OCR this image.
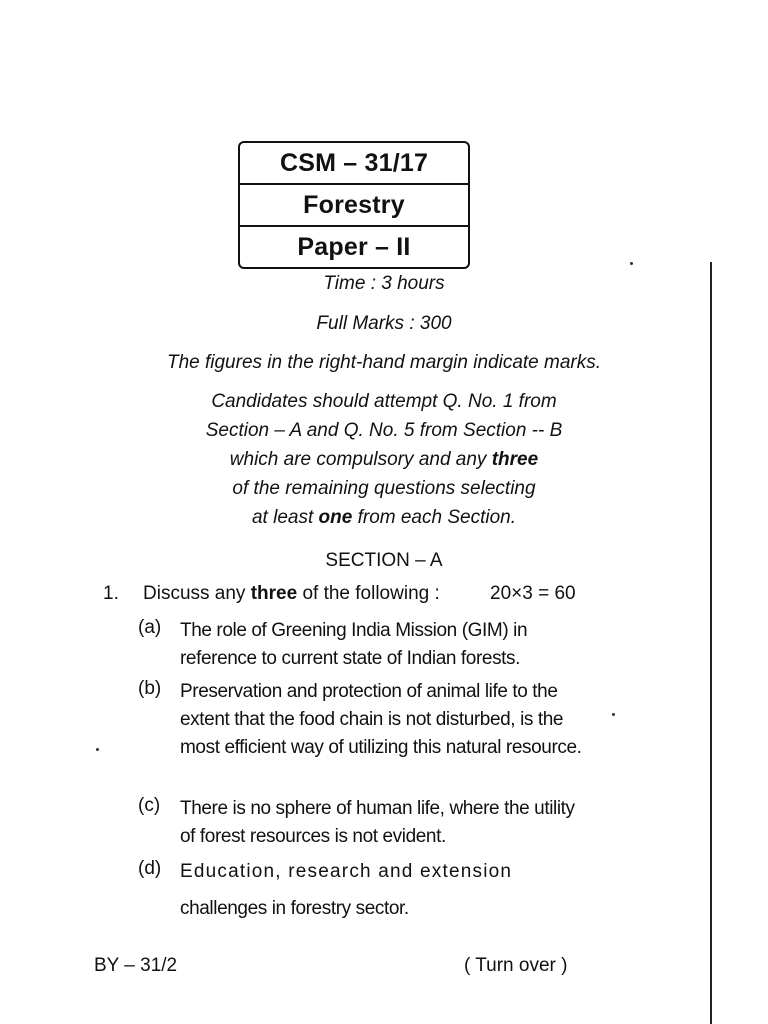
CSM – 31/17
Forestry
Paper – II
Time : 3 hours
Full Marks : 300
The figures in the right-hand margin indicate marks.
Candidates should attempt Q. No. 1 from
Section – A and Q. No. 5 from Section -- B
which are compulsory and any three
of the remaining questions selecting
at least one from each Section.
SECTION – A
1. Discuss any three of the following :	20×3 = 60
(a) The role of Greening India Mission (GIM) in reference to current state of Indian forests.
(b) Preservation and protection of animal life to the extent that the food chain is not disturbed, is the most efficient way of utilizing this natural resource.
(c) There is no sphere of human life, where the utility of forest resources is not evident.
(d) Education, research and extension
challenges in forestry sector.
BY – 31/2	( Turn over )
